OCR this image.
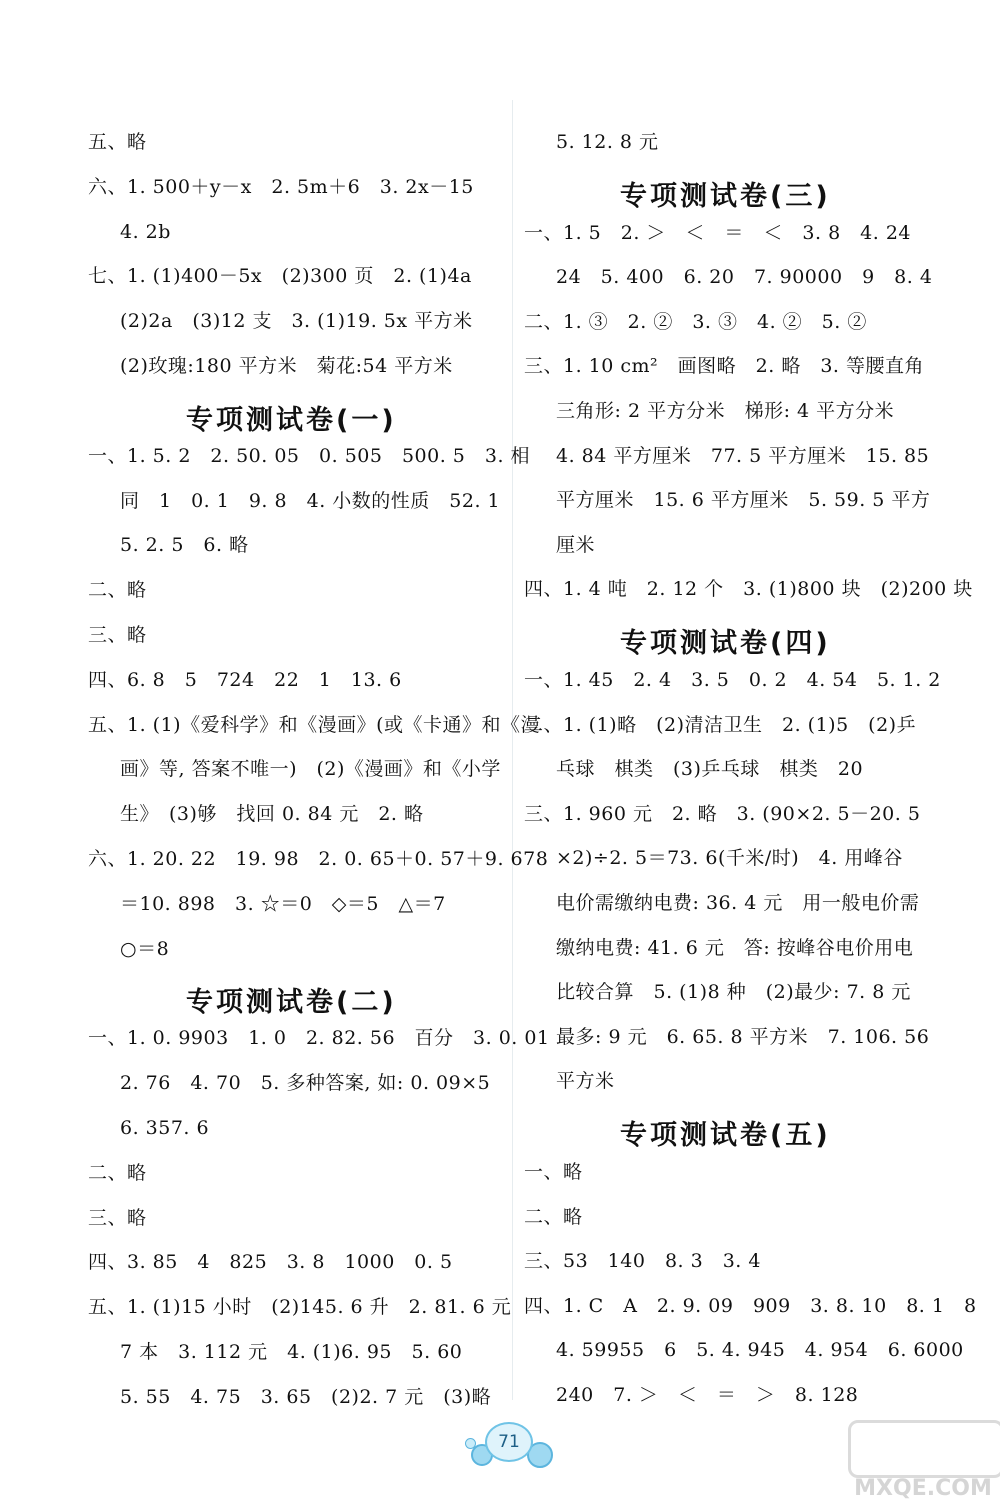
五、略
六、1. 500＋y－x　2. 5m＋6　3. 2x－15
4. 2b
七、1. (1)400－5x　(2)300 页　2. (1)4a
(2)2a　(3)12 支　3. (1)19. 5x 平方米
(2)玫瑰:180 平方米　菊花:54 平方米
专项测试卷(一)
一、1. 5. 2　2. 50. 05　0. 505　500. 5　3. 相
同　1　0. 1　9. 8　4. 小数的性质　52. 1
5. 2. 5　6. 略
二、略
三、略
四、6. 8　5　724　22　1　13. 6
五、1. (1)《爱科学》和《漫画》(或《卡通》和《漫
画》等, 答案不唯一)　(2)《漫画》和《小学
生》　(3)够　找回 0. 84 元　2. 略
六、1. 20. 22　19. 98　2. 0. 65＋0. 57＋9. 678
＝10. 898　3. ☆＝0　◇＝5　△＝7
○＝8
专项测试卷(二)
一、1. 0. 9903　1. 0　2. 82. 56　百分　3. 0. 01
2. 76　4. 70　5. 多种答案, 如: 0. 09×5
6. 357. 6
二、略
三、略
四、3. 85　4　825　3. 8　1000　0. 5
五、1. (1)15 小时　(2)145. 6 升　2. 81. 6 元
7 本　3. 112 元　4. (1)6. 95　5. 60
5. 55　4. 75　3. 65　(2)2. 7 元　(3)略
5. 12. 8 元
专项测试卷(三)
一、1. 5　2. ＞　＜　＝　＜　3. 8　4. 24
24　5. 400　6. 20　7. 90000　9　8. 4
二、1. ③　2. ②　3. ③　4. ②　5. ②
三、1. 10 cm²　画图略　2. 略　3. 等腰直角
三角形: 2 平方分米　梯形: 4 平方分米
4. 84 平方厘米　77. 5 平方厘米　15. 85
平方厘米　15. 6 平方厘米　5. 59. 5 平方
厘米
四、1. 4 吨　2. 12 个　3. (1)800 块　(2)200 块
专项测试卷(四)
一、1. 45　2. 4　3. 5　0. 2　4. 54　5. 1. 2
二、1. (1)略　(2)清洁卫生　2. (1)5　(2)乒
乓球　棋类　(3)乒乓球　棋类　20
三、1. 960 元　2. 略　3. (90×2. 5－20. 5
×2)÷2. 5＝73. 6(千米/时)　4. 用峰谷
电价需缴纳电费: 36. 4 元　用一般电价需
缴纳电费: 41. 6 元　答: 按峰谷电价用电
比较合算　5. (1)8 种　(2)最少: 7. 8 元
最多: 9 元　6. 65. 8 平方米　7. 106. 56
平方米
专项测试卷(五)
一、略
二、略
三、53　140　8. 3　3. 4
四、1. C　A　2. 9. 09　909　3. 8. 10　8. 1　8
4. 59955　6　5. 4. 945　4. 954　6. 6000
240　7. ＞　＜　＝　＞　8. 128
71
MXQE.COM
